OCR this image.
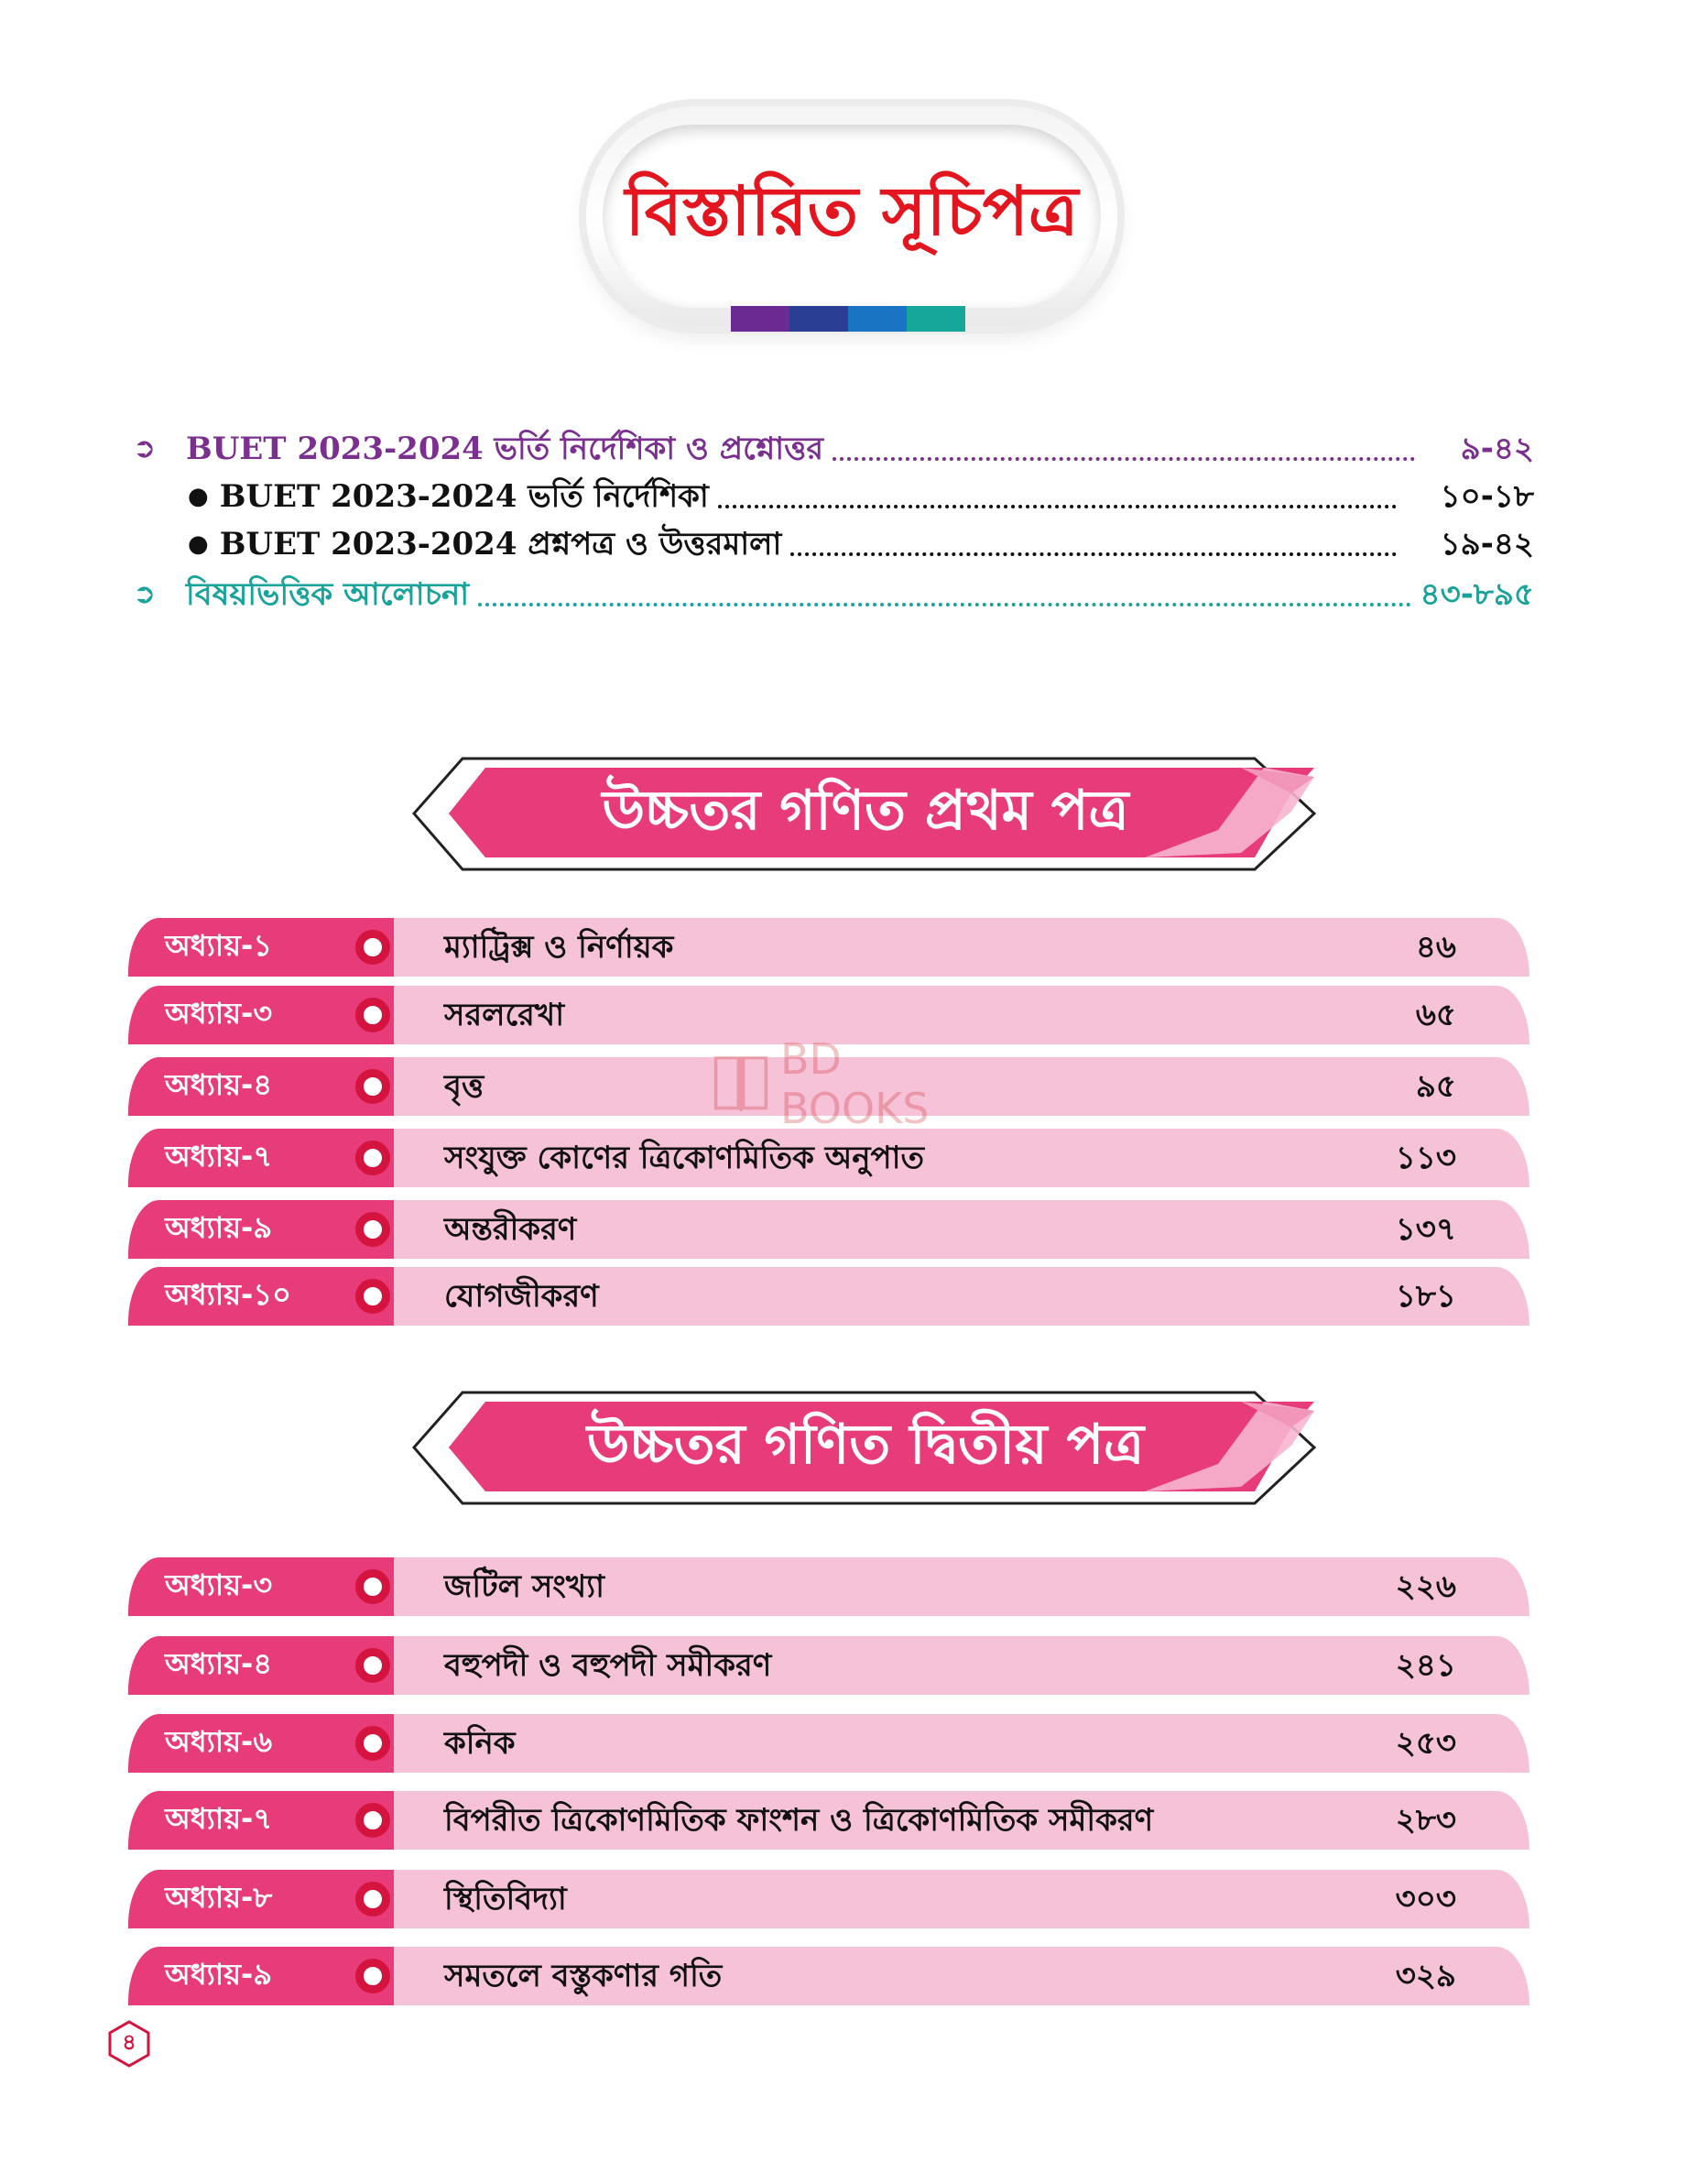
বিস্তারিত সূচিপত্র
➲ BUET 2023-2024 ভর্তি নির্দেশিকা ও প্রশ্নোত্তর	৯-৪২
● BUET 2023-2024 ভর্তি নির্দেশিকা	১০-১৮
● BUET 2023-2024 প্রশ্নপত্র ও উত্তরমালা	১৯-৪২
➲ বিষয়ভিত্তিক আলোচনা	৪৩-৮৯৫
উচ্চতর গণিত প্রথম পত্র
অধ্যায়-১	ম্যাট্রিক্স ও নির্ণায়ক	৪৬
অধ্যায়-৩	সরলরেখা	৬৫
অধ্যায়-৪	বৃত্ত	৯৫
অধ্যায়-৭	সংযুক্ত কোণের ত্রিকোণমিতিক অনুপাত	১১৩
অধ্যায়-৯	অন্তরীকরণ	১৩৭
অধ্যায়-১০	যোগজীকরণ	১৮১
উচ্চতর গণিত দ্বিতীয় পত্র
অধ্যায়-৩	জটিল সংখ্যা	২২৬
অধ্যায়-৪	বহুপদী ও বহুপদী সমীকরণ	২৪১
অধ্যায়-৬	কনিক	২৫৩
অধ্যায়-৭	বিপরীত ত্রিকোণমিতিক ফাংশন ও ত্রিকোণমিতিক সমীকরণ	২৮৩
অধ্যায়-৮	স্থিতিবিদ্যা	৩০৩
অধ্যায়-৯	সমতলে বস্তুকণার গতি	৩২৯
BD BOOKS
৪
